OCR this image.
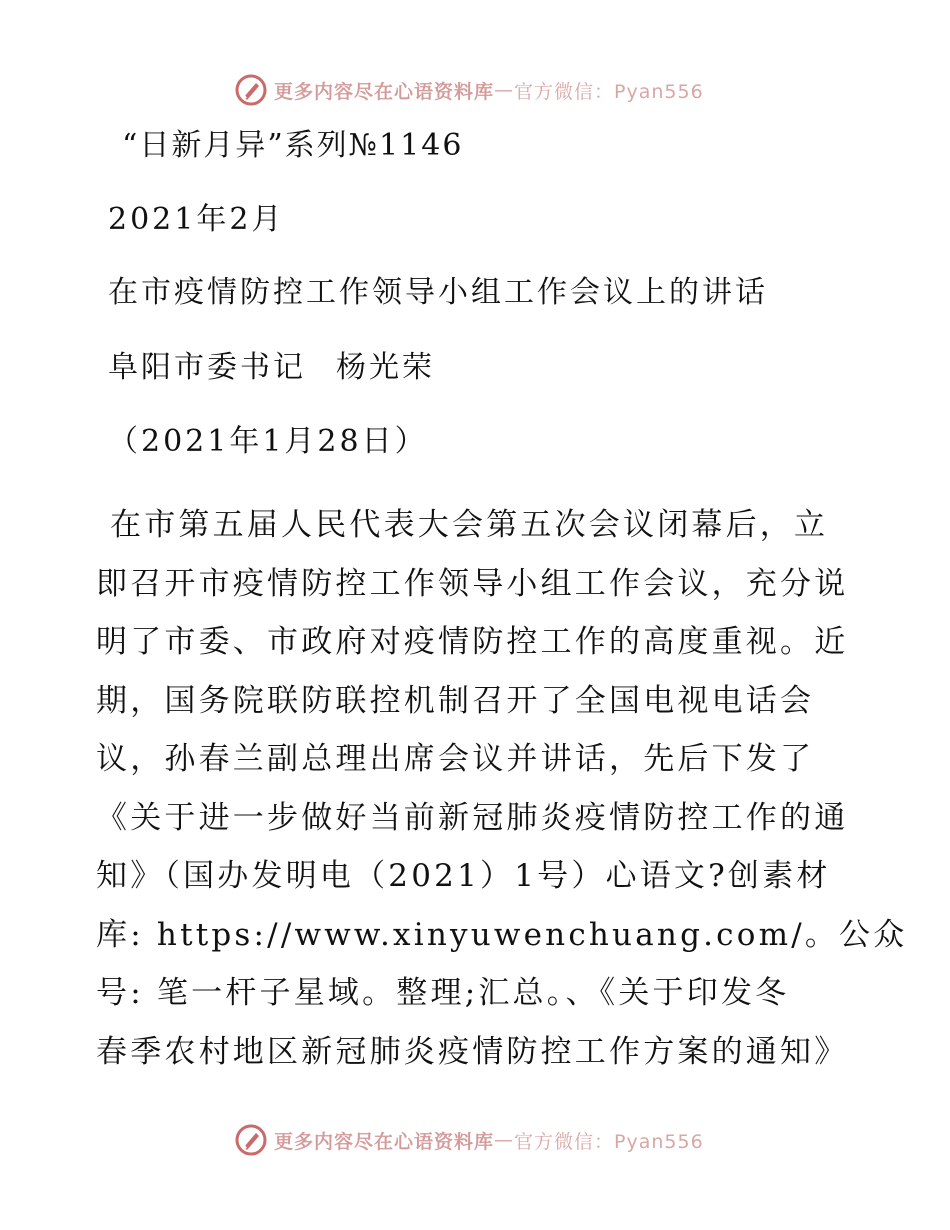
更多内容尽在心语资料库 — 官方微信：Pyan556
“日新月异”系列№1146
2021年2月
在市疫情防控工作领导小组工作会议上的讲话
阜阳市委书记 杨光荣
（2021年1月28日）
在市第五届人民代表大会第五次会议闭幕后，立
即召开市疫情防控工作领导小组工作会议，充分说
明了市委、市政府对疫情防控工作的高度重视。近
期，国务院联防联控机制召开了全国电视电话会
议，孙春兰副总理出席会议并讲话，先后下发了
《关于进一步做好当前新冠肺炎疫情防控工作的通
知》（国办发明电（2021）1号）心语文?创素材
库: https://www.xinyuwenchuang.com/。公众
号: 笔一杆子星域。整理;汇总。、《关于印发冬
春季农村地区新冠肺炎疫情防控工作方案的通知》
更多内容尽在心语资料库 — 官方微信：Pyan556
